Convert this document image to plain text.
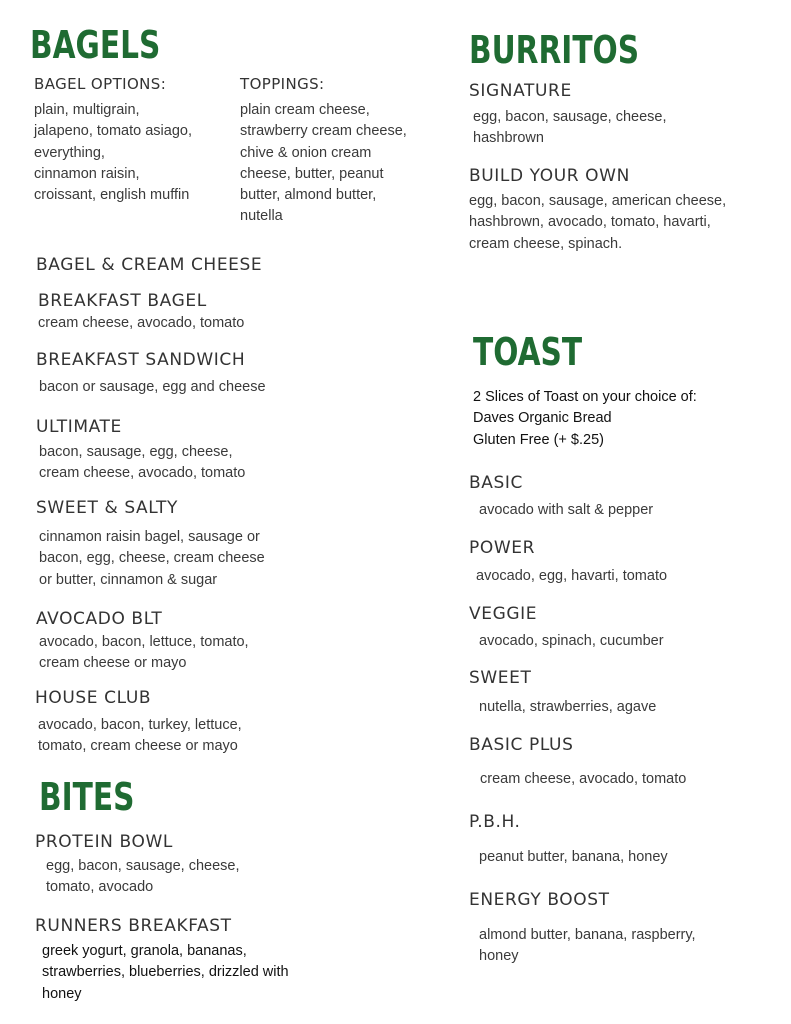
BAGELS
BAGEL OPTIONS:
plain, multigrain,
jalapeno, tomato asiago,
everything,
cinnamon raisin,
croissant, english muffin
TOPPINGS:
plain cream cheese,
strawberry cream cheese,
chive & onion cream
cheese, butter, peanut
butter, almond butter,
nutella
BAGEL & CREAM CHEESE
BREAKFAST BAGEL
cream cheese, avocado, tomato
BREAKFAST SANDWICH
bacon or sausage, egg and cheese
ULTIMATE
bacon, sausage, egg, cheese,
cream cheese, avocado, tomato
SWEET & SALTY
cinnamon raisin bagel, sausage or
bacon, egg, cheese, cream cheese
or butter, cinnamon & sugar
AVOCADO BLT
avocado, bacon, lettuce, tomato,
cream cheese or mayo
HOUSE CLUB
avocado, bacon, turkey, lettuce,
tomato, cream cheese or mayo
BITES
PROTEIN BOWL
egg, bacon, sausage, cheese,
tomato, avocado
RUNNERS BREAKFAST
greek yogurt, granola, bananas,
strawberries, blueberries, drizzled with
honey
BURRITOS
SIGNATURE
egg, bacon, sausage, cheese,
hashbrown
BUILD YOUR OWN
egg, bacon, sausage, american cheese,
hashbrown, avocado, tomato, havarti,
cream cheese, spinach.
TOAST
2 Slices of Toast on your choice of:
Daves Organic Bread
Gluten Free (+ $.25)
BASIC
avocado with salt & pepper
POWER
avocado, egg, havarti, tomato
VEGGIE
avocado, spinach, cucumber
SWEET
nutella, strawberries, agave
BASIC PLUS
cream cheese, avocado, tomato
P.B.H.
peanut butter, banana, honey
ENERGY BOOST
almond butter, banana, raspberry,
honey
